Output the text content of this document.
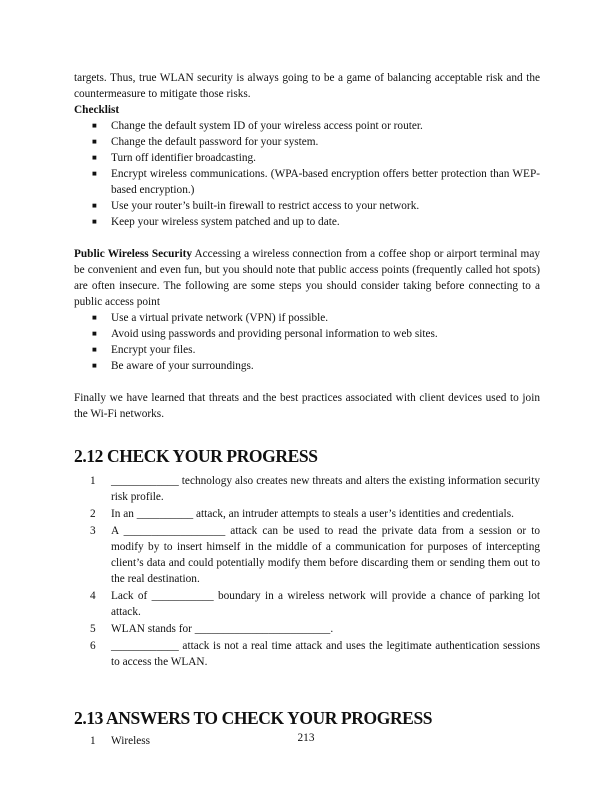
targets. Thus, true WLAN security is always going to be a game of balancing acceptable risk and the countermeasure to mitigate those risks.

Checklist

■ Change the default system ID of your wireless access point or router.
■ Change the default password for your system.
■ Turn off identifier broadcasting.
■ Encrypt wireless communications. (WPA-based encryption offers better protection than WEP-based encryption.)
■ Use your router’s built-in firewall to restrict access to your network.
■ Keep your wireless system patched and up to date.

Public Wireless Security Accessing a wireless connection from a coffee shop or airport terminal may be convenient and even fun, but you should note that public access points (frequently called hot spots) are often insecure. The following are some steps you should consider taking before connecting to a public access point

■ Use a virtual private network (VPN) if possible.
■ Avoid using passwords and providing personal information to web sites.
■ Encrypt your files.
■ Be aware of your surroundings.

Finally we have learned that threats and the best practices associated with client devices used to join the Wi-Fi networks.

2.12 CHECK YOUR PROGRESS
1 ____________ technology also creates new threats and alters the existing information security risk profile.
2 In an __________ attack, an intruder attempts to steals a user’s identities and credentials.
3 A __________________ attack can be used to read the private data from a session or to modify by to insert himself in the middle of a communication for purposes of intercepting client’s data and could potentially modify them before discarding them or sending them out to the real destination.
4 Lack of ___________ boundary in a wireless network will provide a chance of parking lot attack.
5 WLAN stands for ________________________.
6 ____________ attack is not a real time attack and uses the legitimate authentication sessions to access the WLAN.
2.13 ANSWERS TO CHECK YOUR PROGRESS
1 Wireless	213
